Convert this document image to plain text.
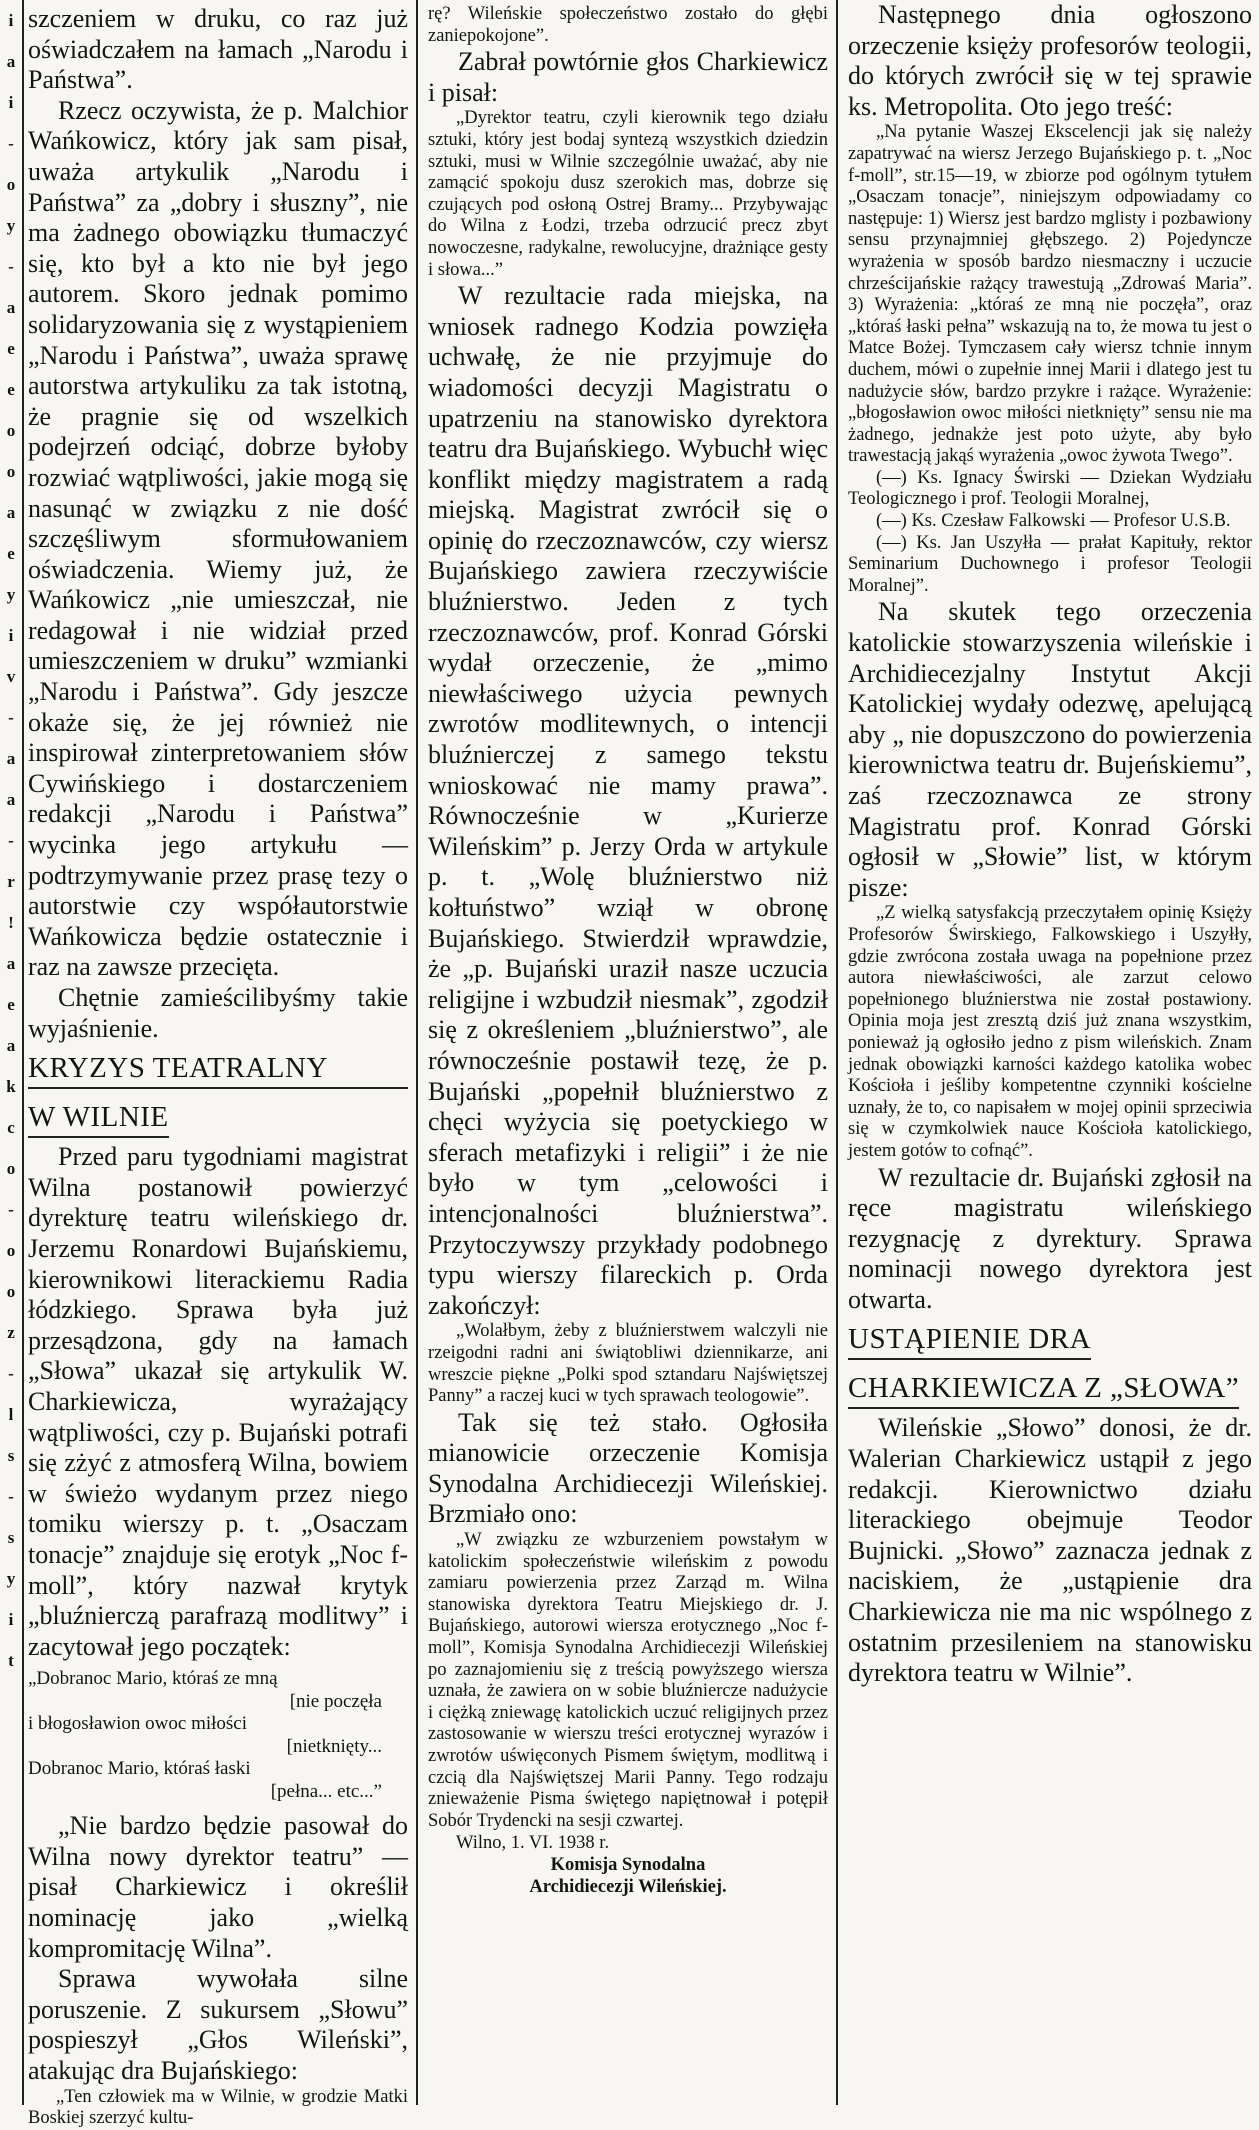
i
a
i
-
o
y
-
a
e
e
o
o
a
e
y
i
v
-
a
a
-
r
!
a
e
a
k
c
o
-
o
o
z
-
l
s
-
s
y
i
t

szczeniem w druku, co raz już oświadczałem na łamach „Narodu i Państwa”.

Rzecz oczywista, że p. Malchior Wańkowicz, który jak sam pisał, uważa artykulik „Narodu i Państwa” za „dobry i słuszny”, nie ma żadnego obowiązku tłumaczyć się, kto był a kto nie był jego autorem. Skoro jednak pomimo solidaryzowania się z wystąpieniem „Narodu i Państwa”, uważa sprawę autorstwa artykuliku za tak istotną, że pragnie się od wszelkich podejrzeń odciąć, dobrze byłoby rozwiać wątpliwości, jakie mogą się nasunąć w związku z nie dość szczęśliwym sformułowaniem oświadczenia. Wiemy już, że Wańkowicz „nie umieszczał, nie redagował i nie widział przed umieszczeniem w druku” wzmianki „Narodu i Państwa”. Gdy jeszcze okaże się, że jej również nie inspirował zinterpretowaniem słów Cywińskiego i dostarczeniem redakcji „Narodu i Państwa” wycinka jego artykułu — podtrzymywanie przez prasę tezy o autorstwie czy współautorstwie Wańkowicza będzie ostatecznie i raz na zawsze przecięta.

Chętnie zamieścilibyśmy takie wyjaśnienie.

KRYZYS TEATRALNY
W WILNIE

Przed paru tygodniami magistrat Wilna postanowił powierzyć dyrekturę teatru wileńskiego dr. Jerzemu Ronardowi Bujańskiemu, kierownikowi literackiemu Radia łódzkiego. Sprawa była już przesądzona, gdy na łamach „Słowa” ukazał się artykulik W. Charkiewicza, wyrażający wątpliwości, czy p. Bujański potrafi się zżyć z atmosferą Wilna, bowiem w świeżo wydanym przez niego tomiku wierszy p. t. „Osaczam tonacje” znajduje się erotyk „Noc f-moll”, który nazwał krytyk „bluźnierczą parafrazą modlitwy” i zacytował jego początek:

„Dobranoc Mario, któraś ze mną
[nie poczęła
i błogosławion owoc miłości
[nietknięty...
Dobranoc Mario, któraś łaski
[pełna... etc...”

„Nie bardzo będzie pasował do Wilna nowy dyrektor teatru” — pisał Charkiewicz i określił nominację jako „wielką kompromitację Wilna”.

Sprawa wywołała silne poruszenie. Z sukursem „Słowu” pospieszył „Głos Wileński”, atakując dra Bujańskiego:

„Ten człowiek ma w Wilnie, w grodzie Matki Boskiej szerzyć kultu-

rę? Wileńskie społeczeństwo zostało do głębi zaniepokojone”.

Zabrał powtórnie głos Charkiewicz i pisał:

„Dyrektor teatru, czyli kierownik tego działu sztuki, który jest bodaj syntezą wszystkich dziedzin sztuki, musi w Wilnie szczególnie uważać, aby nie zamącić spokoju dusz szerokich mas, dobrze się czujących pod osłoną Ostrej Bramy... Przybywając do Wilna z Łodzi, trzeba odrzucić precz zbyt nowoczesne, radykalne, rewolucyjne, drażniące gesty i słowa...”

W rezultacie rada miejska, na wniosek radnego Kodzia powzięła uchwałę, że nie przyjmuje do wiadomości decyzji Magistratu o upatrzeniu na stanowisko dyrektora teatru dra Bujańskiego. Wybuchł więc konflikt między magistratem a radą miejską. Magistrat zwrócił się o opinię do rzeczoznawców, czy wiersz Bujańskiego zawiera rzeczywiście bluźnierstwo. Jeden z tych rzeczoznawców, prof. Konrad Górski wydał orzeczenie, że „mimo niewłaściwego użycia pewnych zwrotów modlitewnych, o intencji bluźnierczej z samego tekstu wnioskować nie mamy prawa”. Równocześnie w „Kurierze Wileńskim” p. Jerzy Orda w artykule p. t. „Wolę bluźnierstwo niż kołtuństwo” wziął w obronę Bujańskiego. Stwierdził wprawdzie, że „p. Bujański uraził nasze uczucia religijne i wzbudził niesmak”, zgodził się z określeniem „bluźnierstwo”, ale równocześnie postawił tezę, że p. Bujański „popełnił bluźnierstwo z chęci wyżycia się poetyckiego w sferach metafizyki i religii” i że nie było w tym „celowości i intencjonalności bluźnierstwa”. Przytoczywszy przykłady podobnego typu wierszy filareckich p. Orda zakończył:

„Wolałbym, żeby z bluźnierstwem walczyli nie rzeigodni radni ani świątobliwi dziennikarze, ani wreszcie piękne „Polki spod sztandaru Najświętszej Panny” a raczej kuci w tych sprawach teologowie”.

Tak się też stało. Ogłosiła mianowicie orzeczenie Komisja Synodalna Archidiecezji Wileńskiej. Brzmiało ono:

„W związku ze wzburzeniem powstałym w katolickim społeczeństwie wileńskim z powodu zamiaru powierzenia przez Zarząd m. Wilna stanowiska dyrektora Teatru Miejskiego dr. J. Bujańskiego, autorowi wiersza erotycznego „Noc f-moll”, Komisja Synodalna Archidiecezji Wileńskiej po zaznajomieniu się z treścią powyższego wiersza uznała, że zawiera on w sobie bluźniercze nadużycie i ciężką zniewagę katolickich uczuć religijnych przez zastosowanie w wierszu treści erotycznej wyrazów i zwrotów uświęconych Pismem świętym, modlitwą i czcią dla Najświętszej Marii Panny. Tego rodzaju znieważenie Pisma świętego napiętnował i potępił Sobór Trydencki na sesji czwartej.

Wilno, 1. VI. 1938 r.

Komisja Synodalna

Archidiecezji Wileńskiej.

Następnego dnia ogłoszono orzeczenie księży profesorów teologii, do których zwrócił się w tej sprawie ks. Metropolita. Oto jego treść:

„Na pytanie Waszej Ekscelencji jak się należy zapatrywać na wiersz Jerzego Bujańskiego p. t. „Noc f-moll”, str.15—19, w zbiorze pod ogólnym tytułem „Osaczam tonacje”, niniejszym odpowiadamy co następuje: 1) Wiersz jest bardzo mglisty i pozbawiony sensu przynajmniej głębszego. 2) Pojedyncze wyrażenia w sposób bardzo niesmaczny i uczucie chrześcijańskie rażący trawestują „Zdrowaś Maria”. 3) Wyrażenia: „któraś ze mną nie poczęła”, oraz „któraś łaski pełna” wskazują na to, że mowa tu jest o Matce Bożej. Tymczasem cały wiersz tchnie innym duchem, mówi o zupełnie innej Marii i dlatego jest tu nadużycie słów, bardzo przykre i rażące. Wyrażenie: „błogosławion owoc miłości nietknięty” sensu nie ma żadnego, jednakże jest poto użyte, aby było trawestacją jakąś wyrażenia „owoc żywota Twego”.

(—) Ks. Ignacy Świrski — Dziekan Wydziału Teologicznego i prof. Teologii Moralnej,

(—) Ks. Czesław Falkowski — Profesor U.S.B.

(—) Ks. Jan Uszyłła — prałat Kapituły, rektor Seminarium Duchownego i profesor Teologii Moralnej”.

Na skutek tego orzeczenia katolickie stowarzyszenia wileńskie i Archidiecezjalny Instytut Akcji Katolickiej wydały odezwę, apelującą aby „ nie dopuszczono do powierzenia kierownictwa teatru dr. Bujeńskiemu”, zaś rzeczoznawca ze strony Magistratu prof. Konrad Górski ogłosił w „Słowie” list, w którym pisze:

„Z wielką satysfakcją przeczytałem opinię Księży Profesorów Świrskiego, Falkowskiego i Uszyłły, gdzie zwrócona została uwaga na popełnione przez autora niewłaściwości, ale zarzut celowo popełnionego bluźnierstwa nie został postawiony. Opinia moja jest zresztą dziś już znana wszystkim, ponieważ ją ogłosiło jedno z pism wileńskich. Znam jednak obowiązki karności każdego katolika wobec Kościoła i jeśliby kompetentne czynniki kościelne uznały, że to, co napisałem w mojej opinii sprzeciwia się w czymkolwiek nauce Kościoła katolickiego, jestem gotów to cofnąć”.

W rezultacie dr. Bujański zgłosił na ręce magistratu wileńskiego rezygnację z dyrektury. Sprawa nominacji nowego dyrektora jest otwarta.

USTĄPIENIE DRA CHARKIEWICZA Z „SŁOWA”

Wileńskie „Słowo” donosi, że dr. Walerian Charkiewicz ustąpił z jego redakcji. Kierownictwo działu literackiego obejmuje Teodor Bujnicki. „Słowo” zaznacza jednak z naciskiem, że „ustąpienie dra Charkiewicza nie ma nic wspólnego z ostatnim przesileniem na stanowisku dyrektora teatru w Wilnie”.
